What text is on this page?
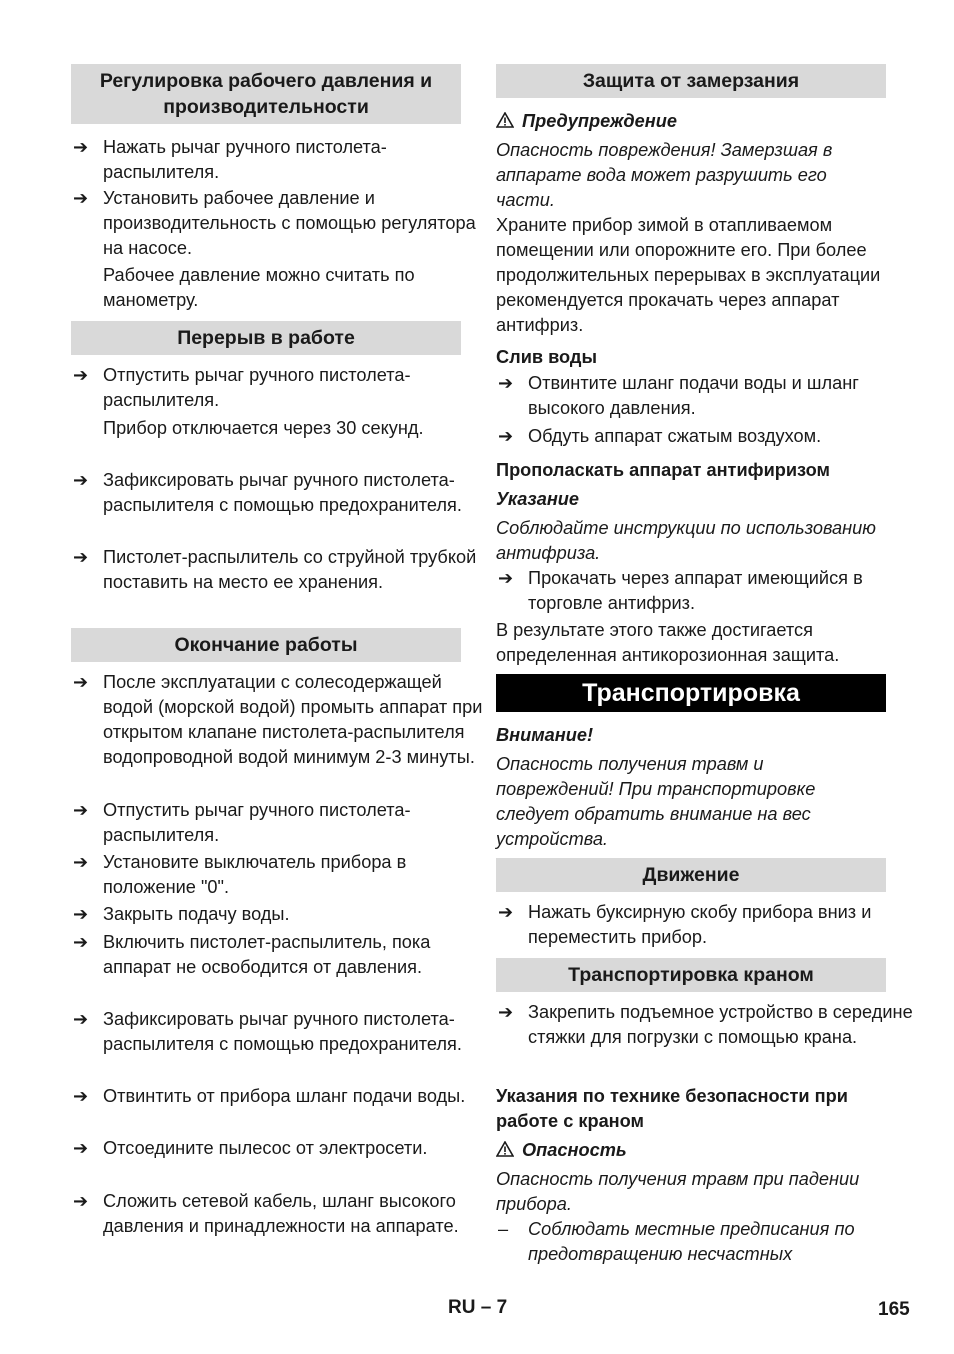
Регулировка рабочего давления и производительности
➔ Нажать рычаг ручного пистолета-распылителя.
➔ Установить рабочее давление и производительность с помощью регулятора на насосе.
Рабочее давление можно считать по манометру.
Перерыв в работе
➔ Отпустить рычаг ручного пистолета-распылителя.
Прибор отключается через 30 секунд.
➔ Зафиксировать рычаг ручного пистолета-распылителя с помощью предохранителя.
➔ Пистолет-распылитель со струйной трубкой поставить на место ее хранения.
Окончание работы
➔ После эксплуатации с солесодержащей водой (морской водой) промыть аппарат при открытом клапане пистолета-распылителя водопроводной водой минимум 2-3 минуты.
➔ Отпустить рычаг ручного пистолета-распылителя.
➔ Установите выключатель прибора в положение "0".
➔ Закрыть подачу воды.
➔ Включить пистолет-распылитель, пока аппарат не освободится от давления.
➔ Зафиксировать рычаг ручного пистолета-распылителя с помощью предохранителя.
➔ Отвинтить от прибора шланг подачи воды.
➔ Отсоедините пылесос от электросети.
➔ Сложить сетевой кабель, шланг высокого давления и принадлежности на аппарате.
Защита от замерзания
Предупреждение
Опасность повреждения! Замерзшая в аппарате вода может разрушить его части.
Храните прибор зимой в отапливаемом помещении или опорожните его. При более продолжительных перерывах в эксплуатации рекомендуется прокачать через аппарат антифриз.
Слив воды
➔ Отвинтите шланг подачи воды и шланг высокого давления.
➔ Обдуть аппарат сжатым воздухом.
Прополаскать аппарат антифиризом
Указание
Соблюдайте инструкции по использованию антифриза.
➔ Прокачать через аппарат имеющийся в торговле антифриз.
В результате этого также достигается определенная антикорозионная защита.
Транспортировка
Внимание!
Опасность получения травм и повреждений! При транспортировке следует обратить внимание на вес устройства.
Движение
➔ Нажать буксирную скобу прибора вниз и переместить прибор.
Транспортировка краном
➔ Закрепить подъемное устройство в середине стяжки для погрузки с помощью крана.
Указания по технике безопасности при работе с краном
Опасность
Опасность получения травм при падении прибора.
– Соблюдать местные предписания по предотвращению несчастных
RU – 7	165
